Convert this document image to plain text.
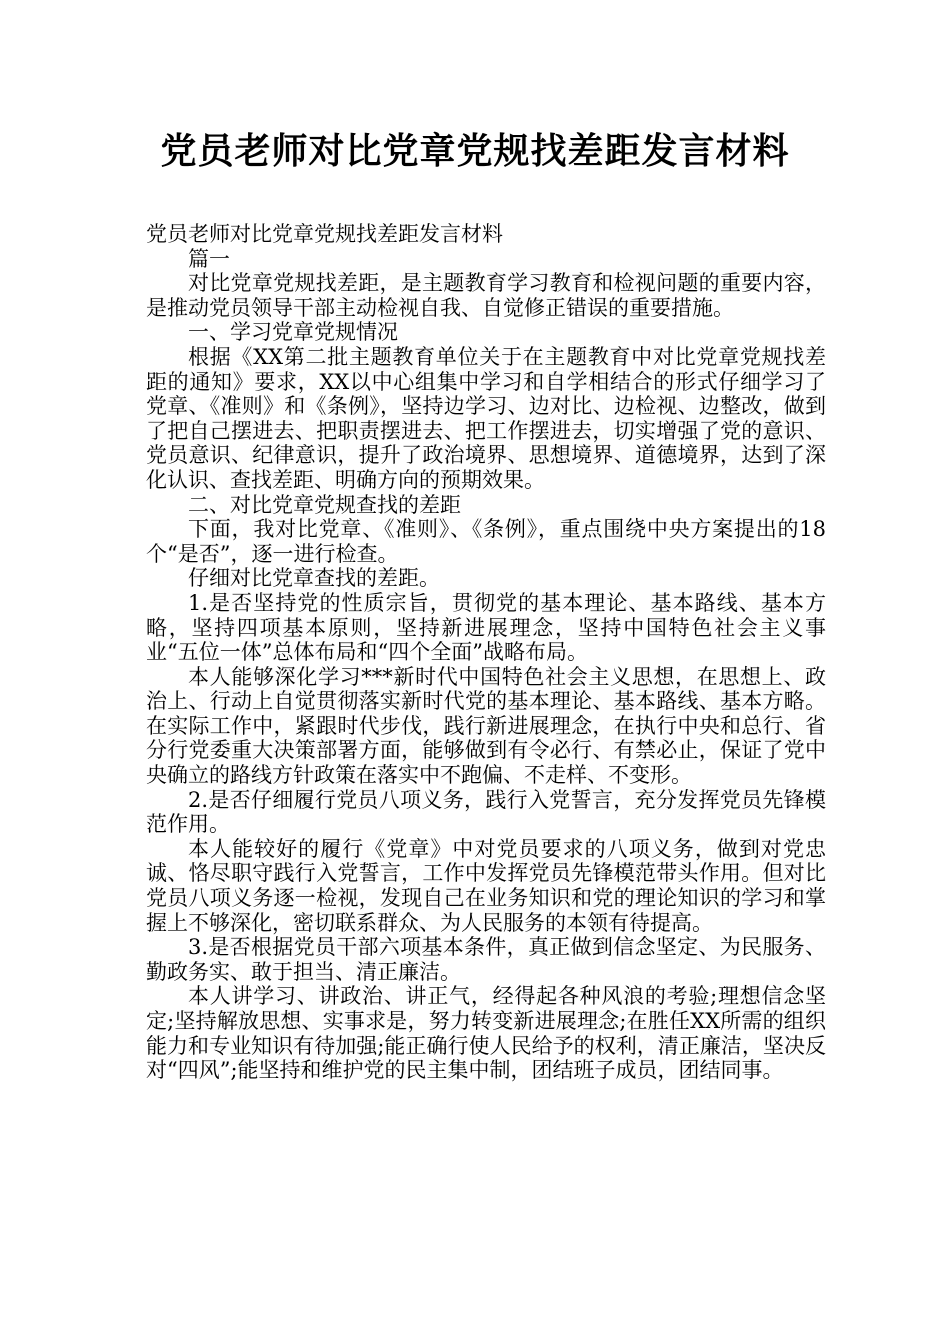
党员老师对比党章党规找差距发言材料

党员老师对比党章党规找差距发言材料

篇一

对比党章党规找差距，是主题教育学习教育和检视问题的重要内容，是推动党员领导干部主动检视自我、自觉修正错误的重要措施。

一、学习党章党规情况

根据《XX第二批主题教育单位关于在主题教育中对比党章党规找差距的通知》要求，XX以中心组集中学习和自学相结合的形式仔细学习了党章、《准则》和《条例》，坚持边学习、边对比、边检视、边整改，做到了把自己摆进去、把职责摆进去、把工作摆进去，切实增强了党的意识、党员意识、纪律意识，提升了政治境界、思想境界、道德境界，达到了深化认识、查找差距、明确方向的预期效果。

二、对比党章党规查找的差距

下面，我对比党章、《准则》、《条例》，重点围绕中央方案提出的18个“是否”，逐一进行检查。

仔细对比党章查找的差距。

1.是否坚持党的性质宗旨，贯彻党的基本理论、基本路线、基本方略，坚持四项基本原则，坚持新进展理念，坚持中国特色社会主义事业“五位一体”总体布局和“四个全面”战略布局。

本人能够深化学习***新时代中国特色社会主义思想，在思想上、政治上、行动上自觉贯彻落实新时代党的基本理论、基本路线、基本方略。在实际工作中，紧跟时代步伐，践行新进展理念，在执行中央和总行、省分行党委重大决策部署方面，能够做到有令必行、有禁必止，保证了党中央确立的路线方针政策在落实中不跑偏、不走样、不变形。

2.是否仔细履行党员八项义务，践行入党誓言，充分发挥党员先锋模范作用。

本人能较好的履行《党章》中对党员要求的八项义务，做到对党忠诚、恪尽职守践行入党誓言，工作中发挥党员先锋模范带头作用。但对比党员八项义务逐一检视，发现自己在业务知识和党的理论知识的学习和掌握上不够深化，密切联系群众、为人民服务的本领有待提高。

3.是否根据党员干部六项基本条件，真正做到信念坚定、为民服务、勤政务实、敢于担当、清正廉洁。

本人讲学习、讲政治、讲正气，经得起各种风浪的考验;理想信念坚定;坚持解放思想、实事求是，努力转变新进展理念;在胜任XX所需的组织能力和专业知识有待加强;能正确行使人民给予的权利，清正廉洁，坚决反对“四风”;能坚持和维护党的民主集中制，团结班子成员，团结同事。
